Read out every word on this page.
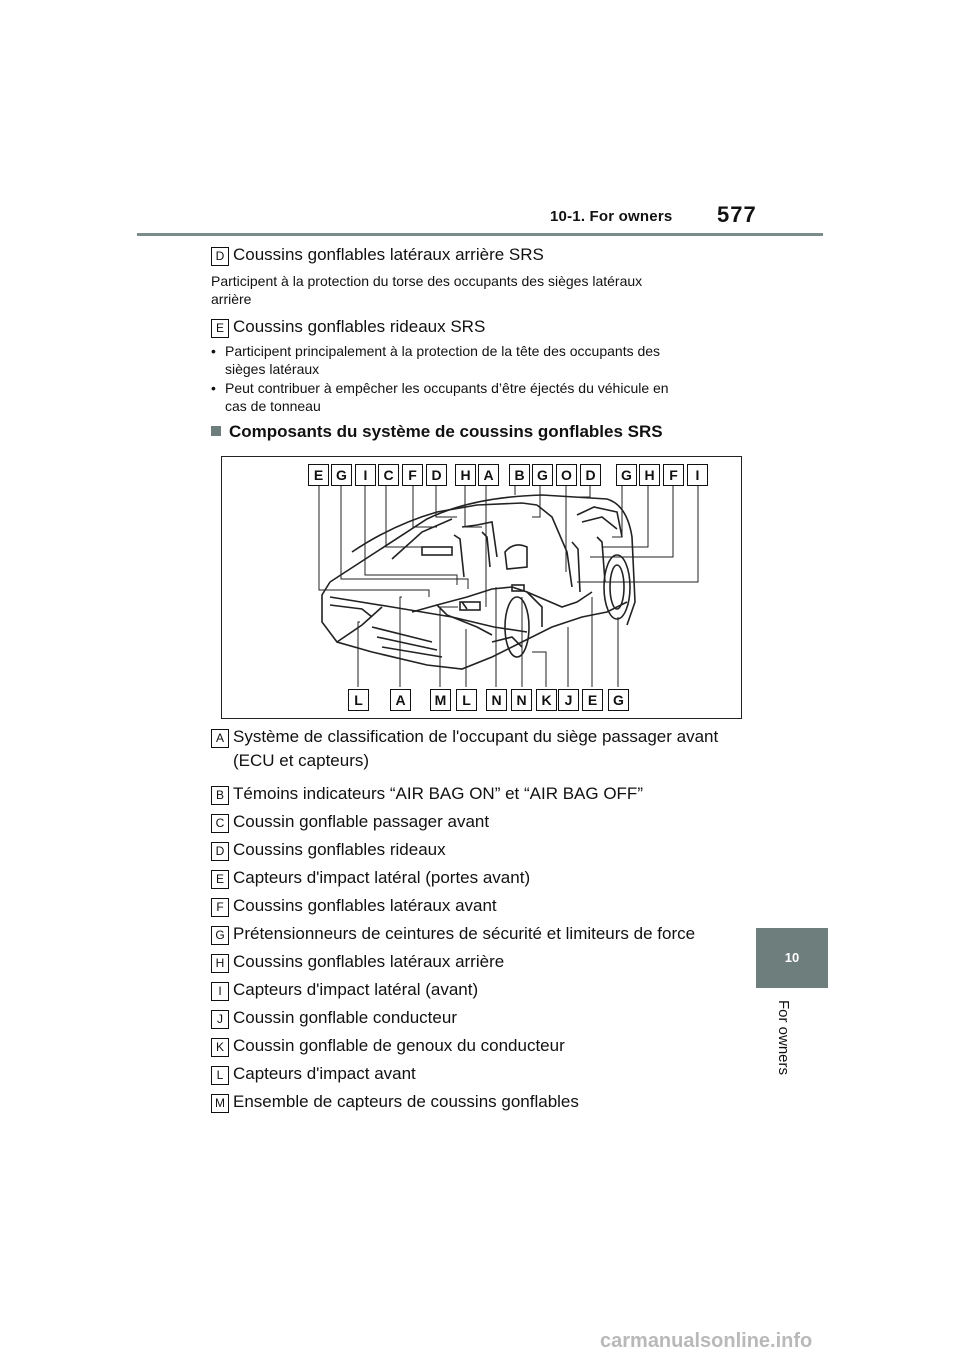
10-1. For owners 577
10
For owners
D Coussins gonflables latéraux arrière SRS
Participent à la protection du torse des occupants des sièges latéraux
arrière
E Coussins gonflables rideaux SRS
• Participent principalement à la protection de la tête des occupants des
sièges latéraux
• Peut contribuer à empêcher les occupants d’être éjectés du véhicule en
cas de tonneau
Composants du système de coussins gonflables SRS
E G	I	C	F	D	H A	B G O D	G H	F	I
L	A	M	L	N	N	K J	E	G
A Système de classification de l'occupant du siège passager avant
(ECU et capteurs)
B Témoins indicateurs “AIR BAG ON” et “AIR BAG OFF”
C Coussin gonflable passager avant
D Coussins gonflables rideaux
E Capteurs d'impact latéral (portes avant)
F Coussins gonflables latéraux avant
G Prétensionneurs de ceintures de sécurité et limiteurs de force
H Coussins gonflables latéraux arrière
I Capteurs d'impact latéral (avant)
J Coussin gonflable conducteur
K Coussin gonflable de genoux du conducteur
L Capteurs d'impact avant
M Ensemble de capteurs de coussins gonflables
carmanualsonline.info
